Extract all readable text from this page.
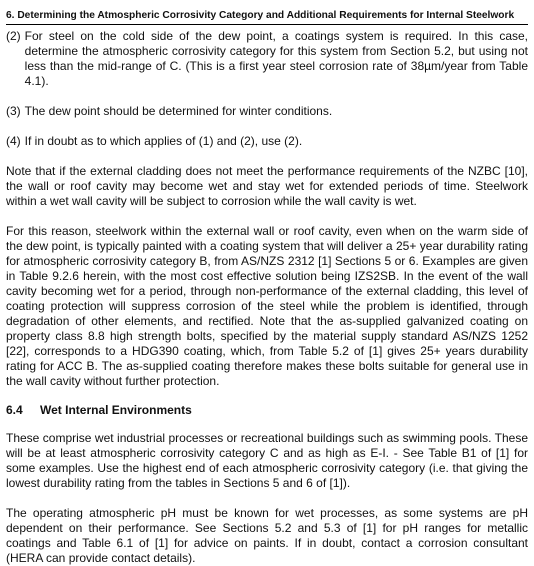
6. Determining the Atmospheric Corrosivity Category and Additional Requirements for Internal Steelwork
(2) For steel on the cold side of the dew point, a coatings system is required. In this case, determine the atmospheric corrosivity category for this system from Section 5.2, but using not less than the mid-range of C. (This is a first year steel corrosion rate of 38µm/year from Table 4.1).
(3) The dew point should be determined for winter conditions.
(4) If in doubt as to which applies of (1) and (2), use (2).

Note that if the external cladding does not meet the performance requirements of the NZBC [10], the wall or roof cavity may become wet and stay wet for extended periods of time. Steelwork within a wet wall cavity will be subject to corrosion while the wall cavity is wet.

For this reason, steelwork within the external wall or roof cavity, even when on the warm side of the dew point, is typically painted with a coating system that will deliver a 25+ year durability rating for atmospheric corrosivity category B, from AS/NZS 2312 [1] Sections 5 or 6. Examples are given in Table 9.2.6 herein, with the most cost effective solution being IZS2SB. In the event of the wall cavity becoming wet for a period, through non-performance of the external cladding, this level of coating protection will suppress corrosion of the steel while the problem is identified, through degradation of other elements, and rectified. Note that the as-supplied galvanized coating on property class 8.8 high strength bolts, specified by the material supply standard AS/NZS 1252 [22], corresponds to a HDG390 coating, which, from Table 5.2 of [1] gives 25+ years durability rating for ACC B. The as-supplied coating therefore makes these bolts suitable for general use in the wall cavity without further protection.

6.4	Wet Internal Environments

These comprise wet industrial processes or recreational buildings such as swimming pools. These will be at least atmospheric corrosivity category C and as high as E-I. - See Table B1 of [1] for some examples. Use the highest end of each atmospheric corrosivity category (i.e. that giving the lowest durability rating from the tables in Sections 5 and 6 of [1]).

The operating atmospheric pH must be known for wet processes, as some systems are pH dependent on their performance. See Sections 5.2 and 5.3 of [1] for pH ranges for metallic coatings and Table 6.1 of [1] for advice on paints. If in doubt, contact a corrosion consultant (HERA can provide contact details).
